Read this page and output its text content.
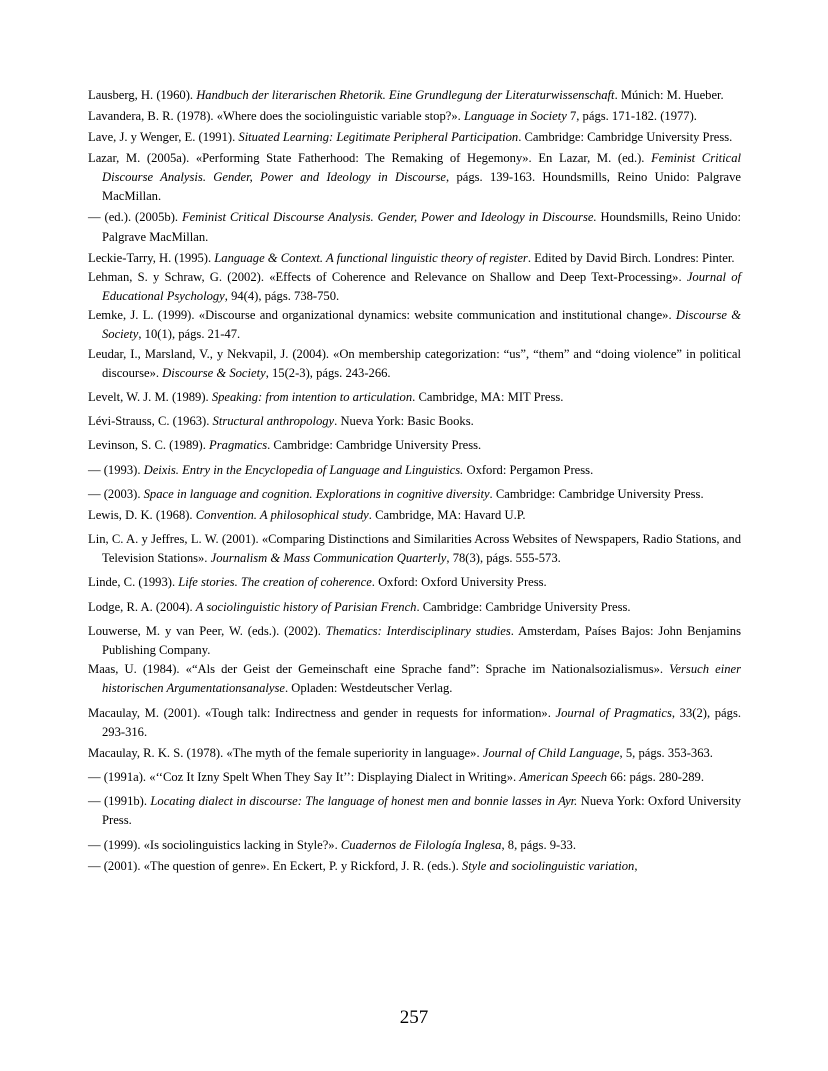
Lausberg, H. (1960). Handbuch der literarischen Rhetorik. Eine Grundlegung der Literaturwissenschaft. Múnich: M. Hueber.

Lavandera, B. R. (1978). «Where does the sociolinguistic variable stop?». Language in Society 7, págs. 171-182. (1977).

Lave, J. y Wenger, E. (1991). Situated Learning: Legitimate Peripheral Participation. Cambridge: Cambridge University Press.

Lazar, M. (2005a). «Performing State Fatherhood: The Remaking of Hegemony». En Lazar, M. (ed.). Feminist Critical Discourse Analysis. Gender, Power and Ideology in Discourse, págs. 139-163. Houndsmills, Reino Unido: Palgrave MacMillan.

— (ed.). (2005b). Feminist Critical Discourse Analysis. Gender, Power and Ideology in Discourse. Houndsmills, Reino Unido: Palgrave MacMillan.

Leckie-Tarry, H. (1995). Language & Context. A functional linguistic theory of register. Edited by David Birch. Londres: Pinter.

Lehman, S. y Schraw, G. (2002). «Effects of Coherence and Relevance on Shallow and Deep Text-Processing». Journal of Educational Psychology, 94(4), págs. 738-750.

Lemke, J. L. (1999). «Discourse and organizational dynamics: website communication and institutional change». Discourse & Society, 10(1), págs. 21-47.

Leudar, I., Marsland, V., y Nekvapil, J. (2004). «On membership categorization: “us”, “them” and “doing violence” in political discourse». Discourse & Society, 15(2-3), págs. 243-266.

Levelt, W. J. M. (1989). Speaking: from intention to articulation. Cambridge, MA: MIT Press.

Lévi-Strauss, C. (1963). Structural anthropology. Nueva York: Basic Books.

Levinson, S. C. (1989). Pragmatics. Cambridge: Cambridge University Press.

— (1993). Deixis. Entry in the Encyclopedia of Language and Linguistics. Oxford: Pergamon Press.

— (2003). Space in language and cognition. Explorations in cognitive diversity. Cambridge: Cambridge University Press.

Lewis, D. K. (1968). Convention. A philosophical study. Cambridge, MA: Havard U.P.

Lin, C. A. y Jeffres, L. W. (2001). «Comparing Distinctions and Similarities Across Websites of Newspapers, Radio Stations, and Television Stations». Journalism & Mass Communication Quarterly, 78(3), págs. 555-573.

Linde, C. (1993). Life stories. The creation of coherence. Oxford: Oxford University Press.

Lodge, R. A. (2004). A sociolinguistic history of Parisian French. Cambridge: Cambridge University Press.

Louwerse, M. y van Peer, W. (eds.). (2002). Thematics: Interdisciplinary studies. Amsterdam, Países Bajos: John Benjamins Publishing Company.

Maas, U. (1984). «“Als der Geist der Gemeinschaft eine Sprache fand”: Sprache im Nationalsozialismus». Versuch einer historischen Argumentationsanalyse. Opladen: Westdeutscher Verlag.

Macaulay, M. (2001). «Tough talk: Indirectness and gender in requests for information». Journal of Pragmatics, 33(2), págs. 293-316.

Macaulay, R. K. S. (1978). «The myth of the female superiority in language». Journal of Child Language, 5, págs. 353-363.

— (1991a). «‘‘Coz It Izny Spelt When They Say It’’: Displaying Dialect in Writing». American Speech 66: págs. 280-289.

— (1991b). Locating dialect in discourse: The language of honest men and bonnie lasses in Ayr. Nueva York: Oxford University Press.

— (1999). «Is sociolinguistics lacking in Style?». Cuadernos de Filología Inglesa, 8, págs. 9-33.

— (2001). «The question of genre». En Eckert, P. y Rickford, J. R. (eds.). Style and sociolinguistic variation,

257
